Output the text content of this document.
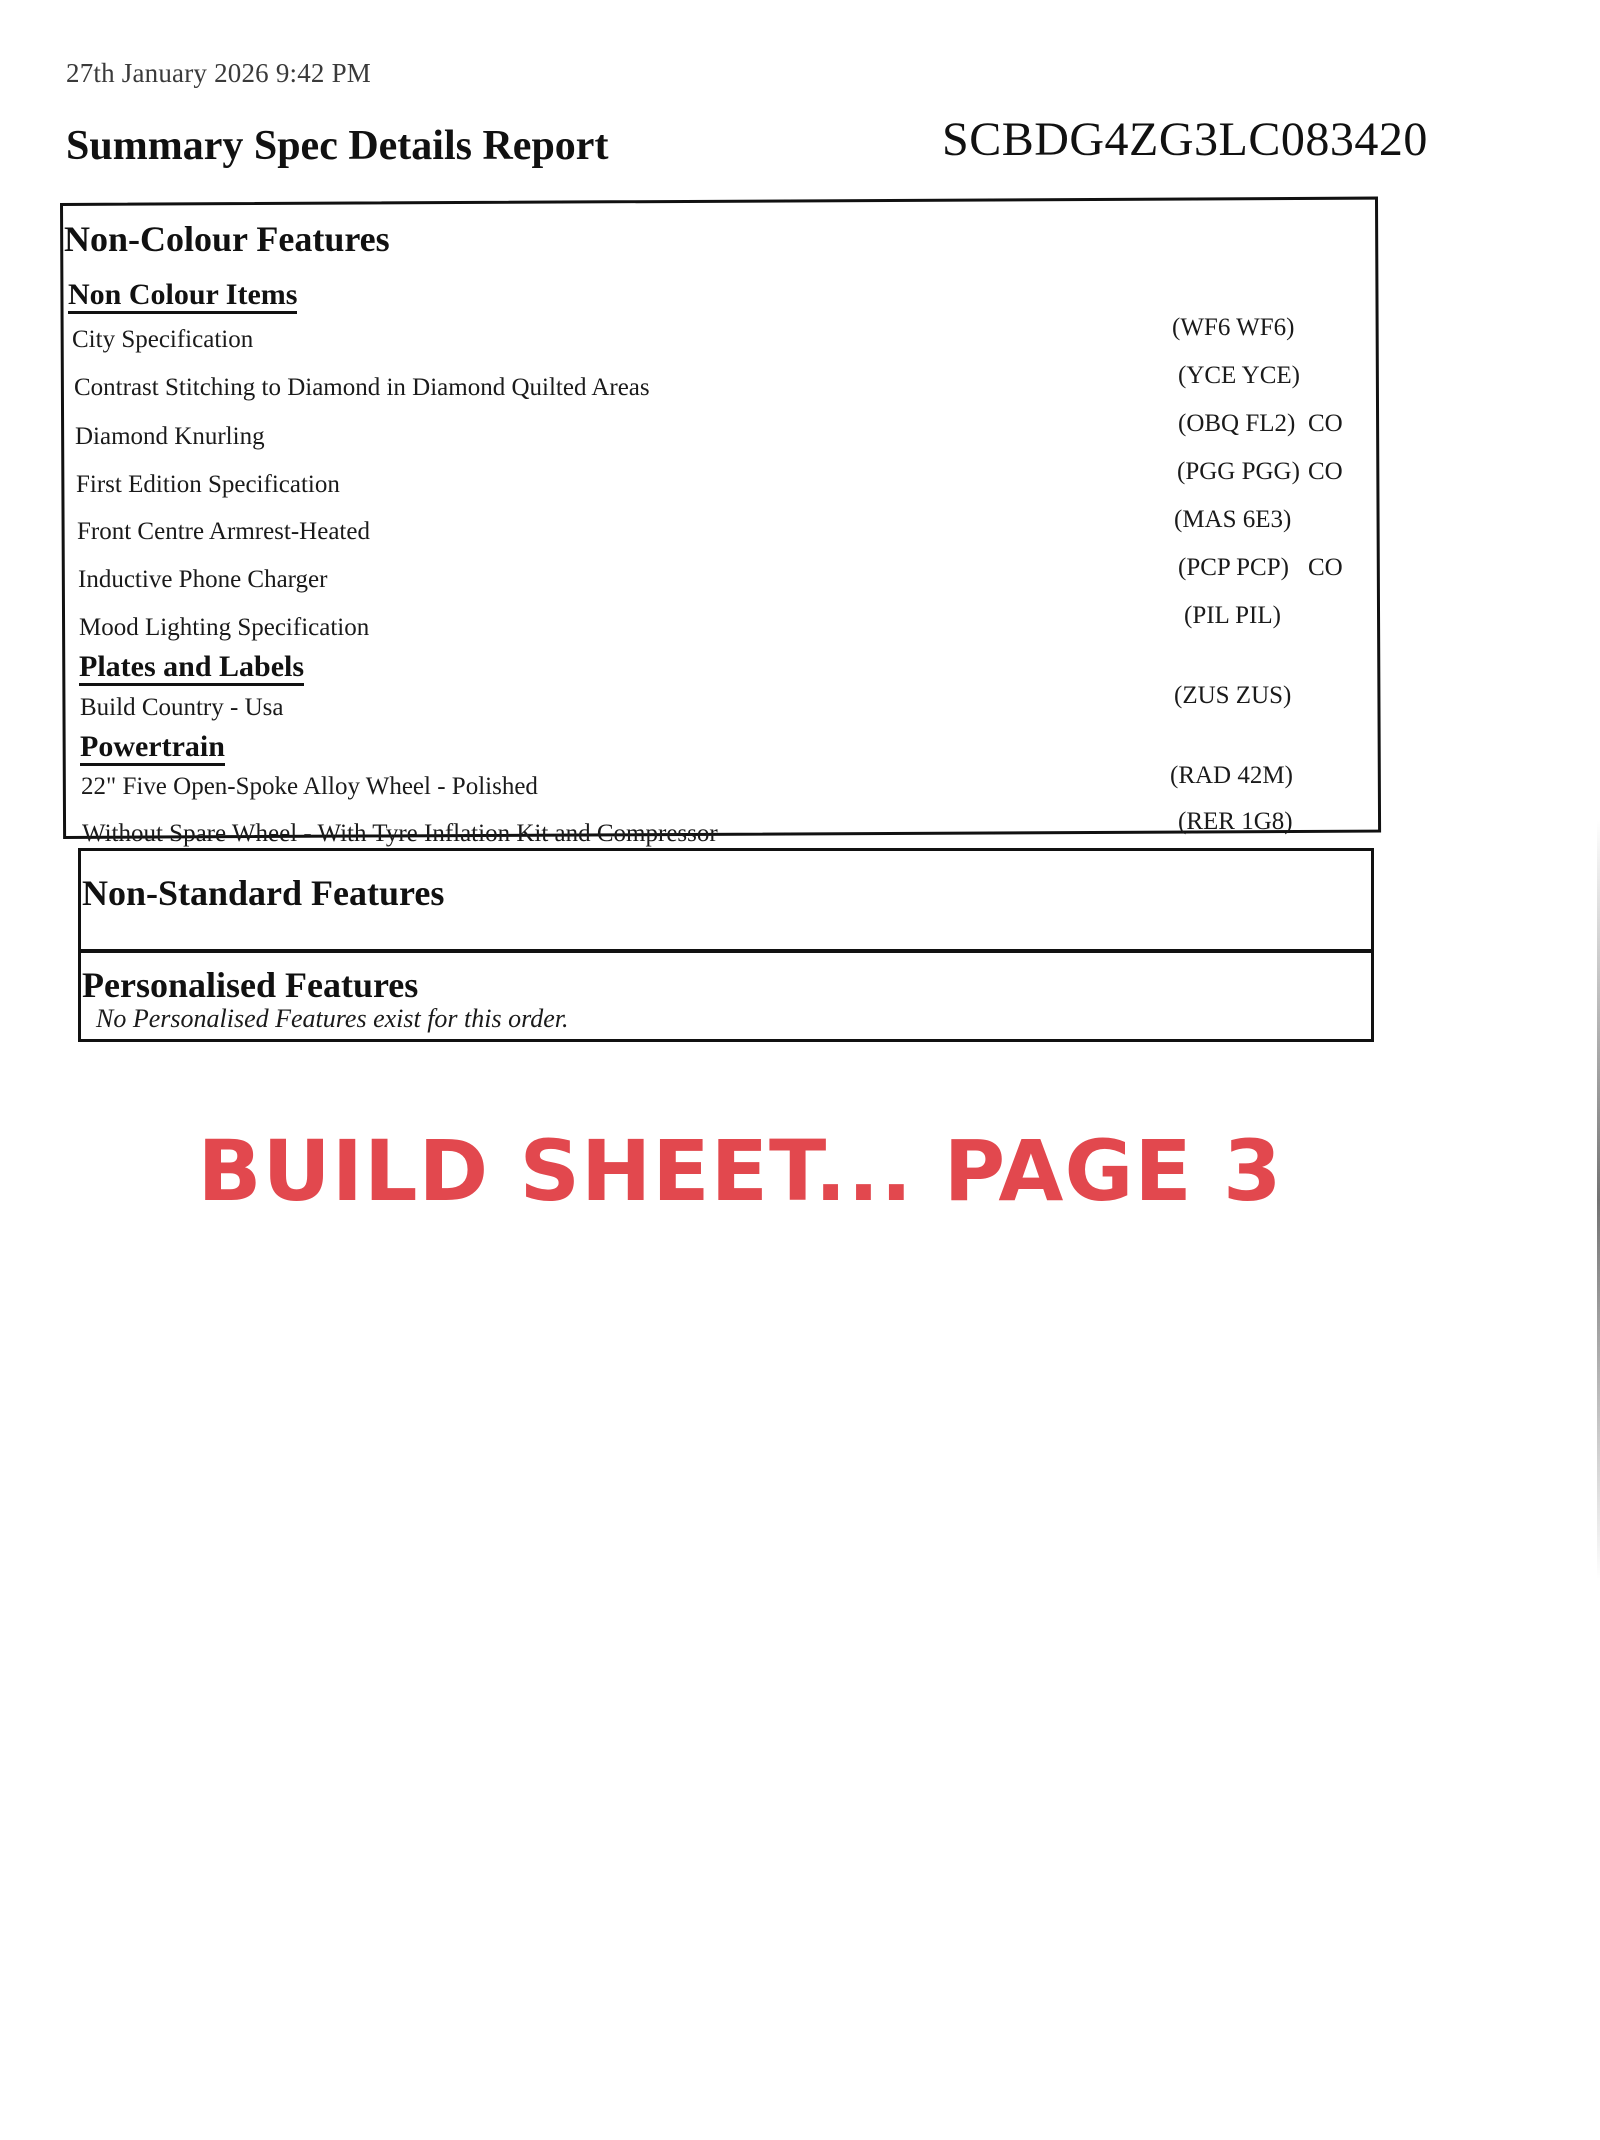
27th January 2026 9:42 PM
Summary Spec Details Report	SCBDG4ZG3LC083420
Non-Colour Features
Non Colour Items
City Specification	(WF6 WF6)
Contrast Stitching to Diamond in Diamond Quilted Areas	(YCE YCE)
Diamond Knurling	(OBQ FL2) CO
First Edition Specification	(PGG PGG) CO
Front Centre Armrest-Heated	(MAS 6E3)
Inductive Phone Charger	(PCP PCP) CO
Mood Lighting Specification	(PIL PIL)
Plates and Labels
Build Country - Usa	(ZUS ZUS)
Powertrain
22" Five Open-Spoke Alloy Wheel - Polished	(RAD 42M)
Without Spare Wheel - With Tyre Inflation Kit and Compressor	(RER 1G8)
Non-Standard Features
Personalised Features
No Personalised Features exist for this order.
BUILD SHEET... PAGE 3
